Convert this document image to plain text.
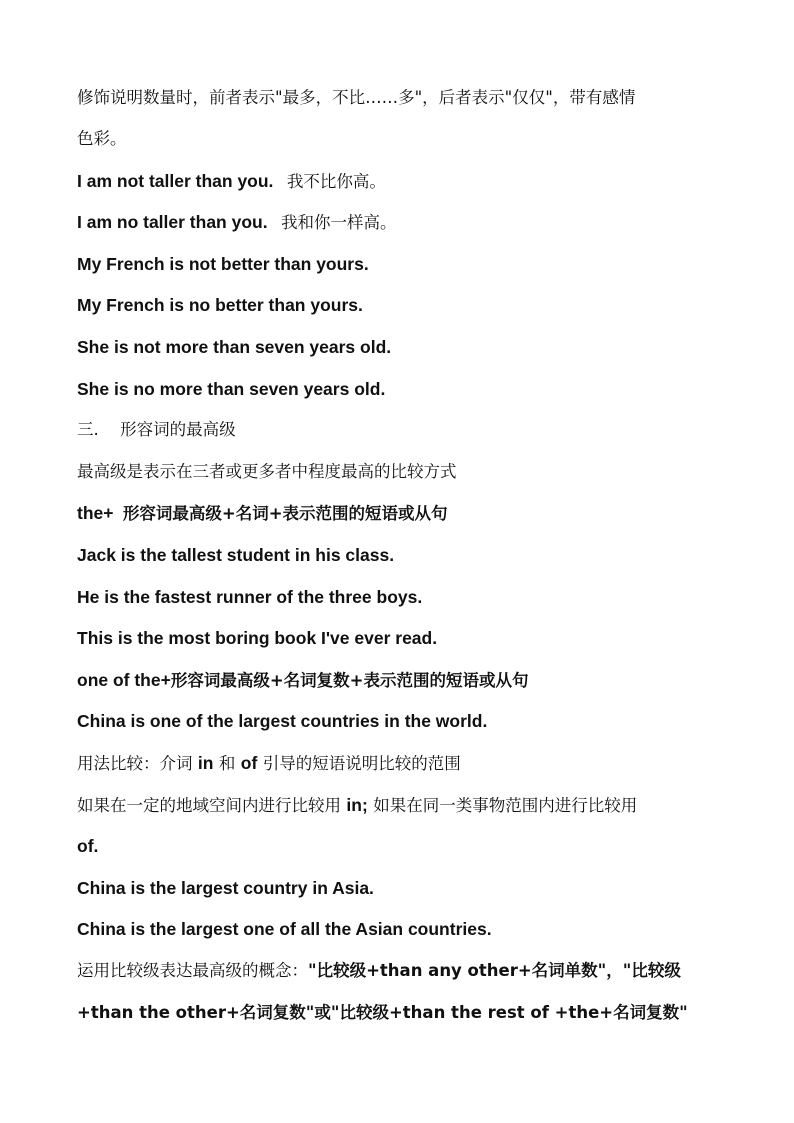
修饰说明数量时，前者表示"最多，不比……多"，后者表示"仅仅"，带有感情
色彩。
I am not taller than you. 我不比你高。
I am no taller than you. 我和你一样高。
My French is not better than yours.
My French is no better than yours.
She is not more than seven years old.
She is no more than seven years old.
三. 形容词的最高级
最高级是表示在三者或更多者中程度最高的比较方式
the+ 形容词最高级+名词+表示范围的短语或从句
Jack is the tallest student in his class.
He is the fastest runner of the three boys.
This is the most boring book I've ever read.
one of the+形容词最高级+名词复数+表示范围的短语或从句
China is one of the largest countries in the world.
用法比较：介词 in 和 of 引导的短语说明比较的范围
如果在一定的地域空间内进行比较用 in; 如果在同一类事物范围内进行比较用
of.
China is the largest country in Asia.
China is the largest one of all the Asian countries.
运用比较级表达最高级的概念："比较级+than any other+名词单数"，"比较级
+than the other+名词复数"或"比较级+than the rest of +the+名词复数"
